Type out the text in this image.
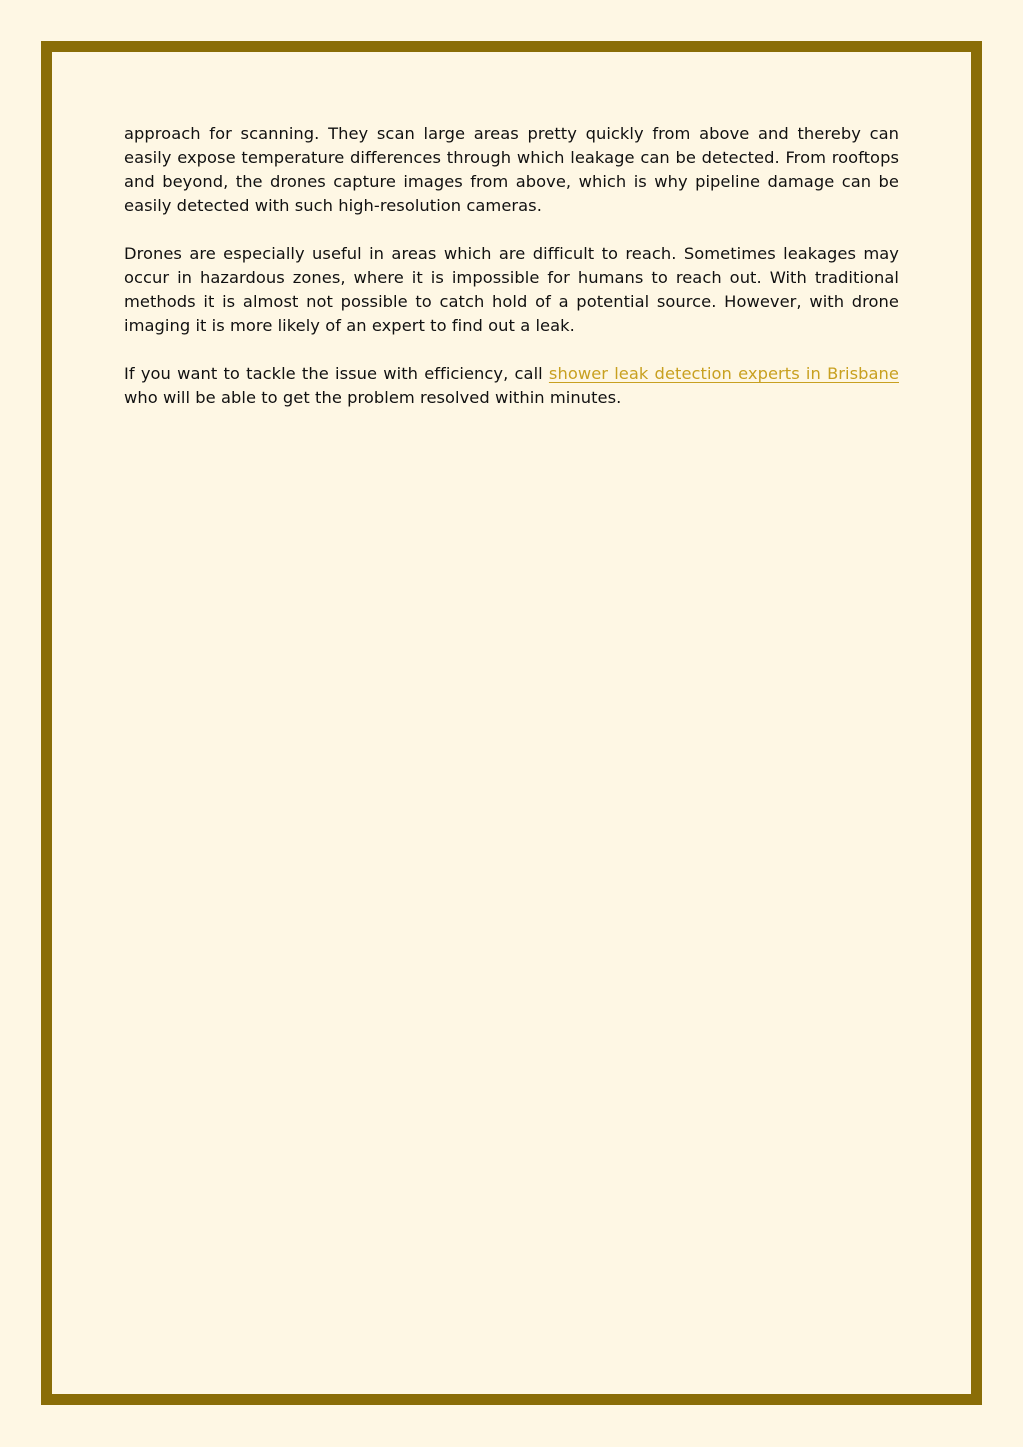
approach for scanning. They scan large areas pretty quickly from above and thereby can easily expose temperature differences through which leakage can be detected. From rooftops and beyond, the drones capture images from above, which is why pipeline damage can be easily detected with such high-resolution cameras.

Drones are especially useful in areas which are difficult to reach. Sometimes leakages may occur in hazardous zones, where it is impossible for humans to reach out. With traditional methods it is almost not possible to catch hold of a potential source. However, with drone imaging it is more likely of an expert to find out a leak.

If you want to tackle the issue with efficiency, call shower leak detection experts in Brisbane who will be able to get the problem resolved within minutes.
